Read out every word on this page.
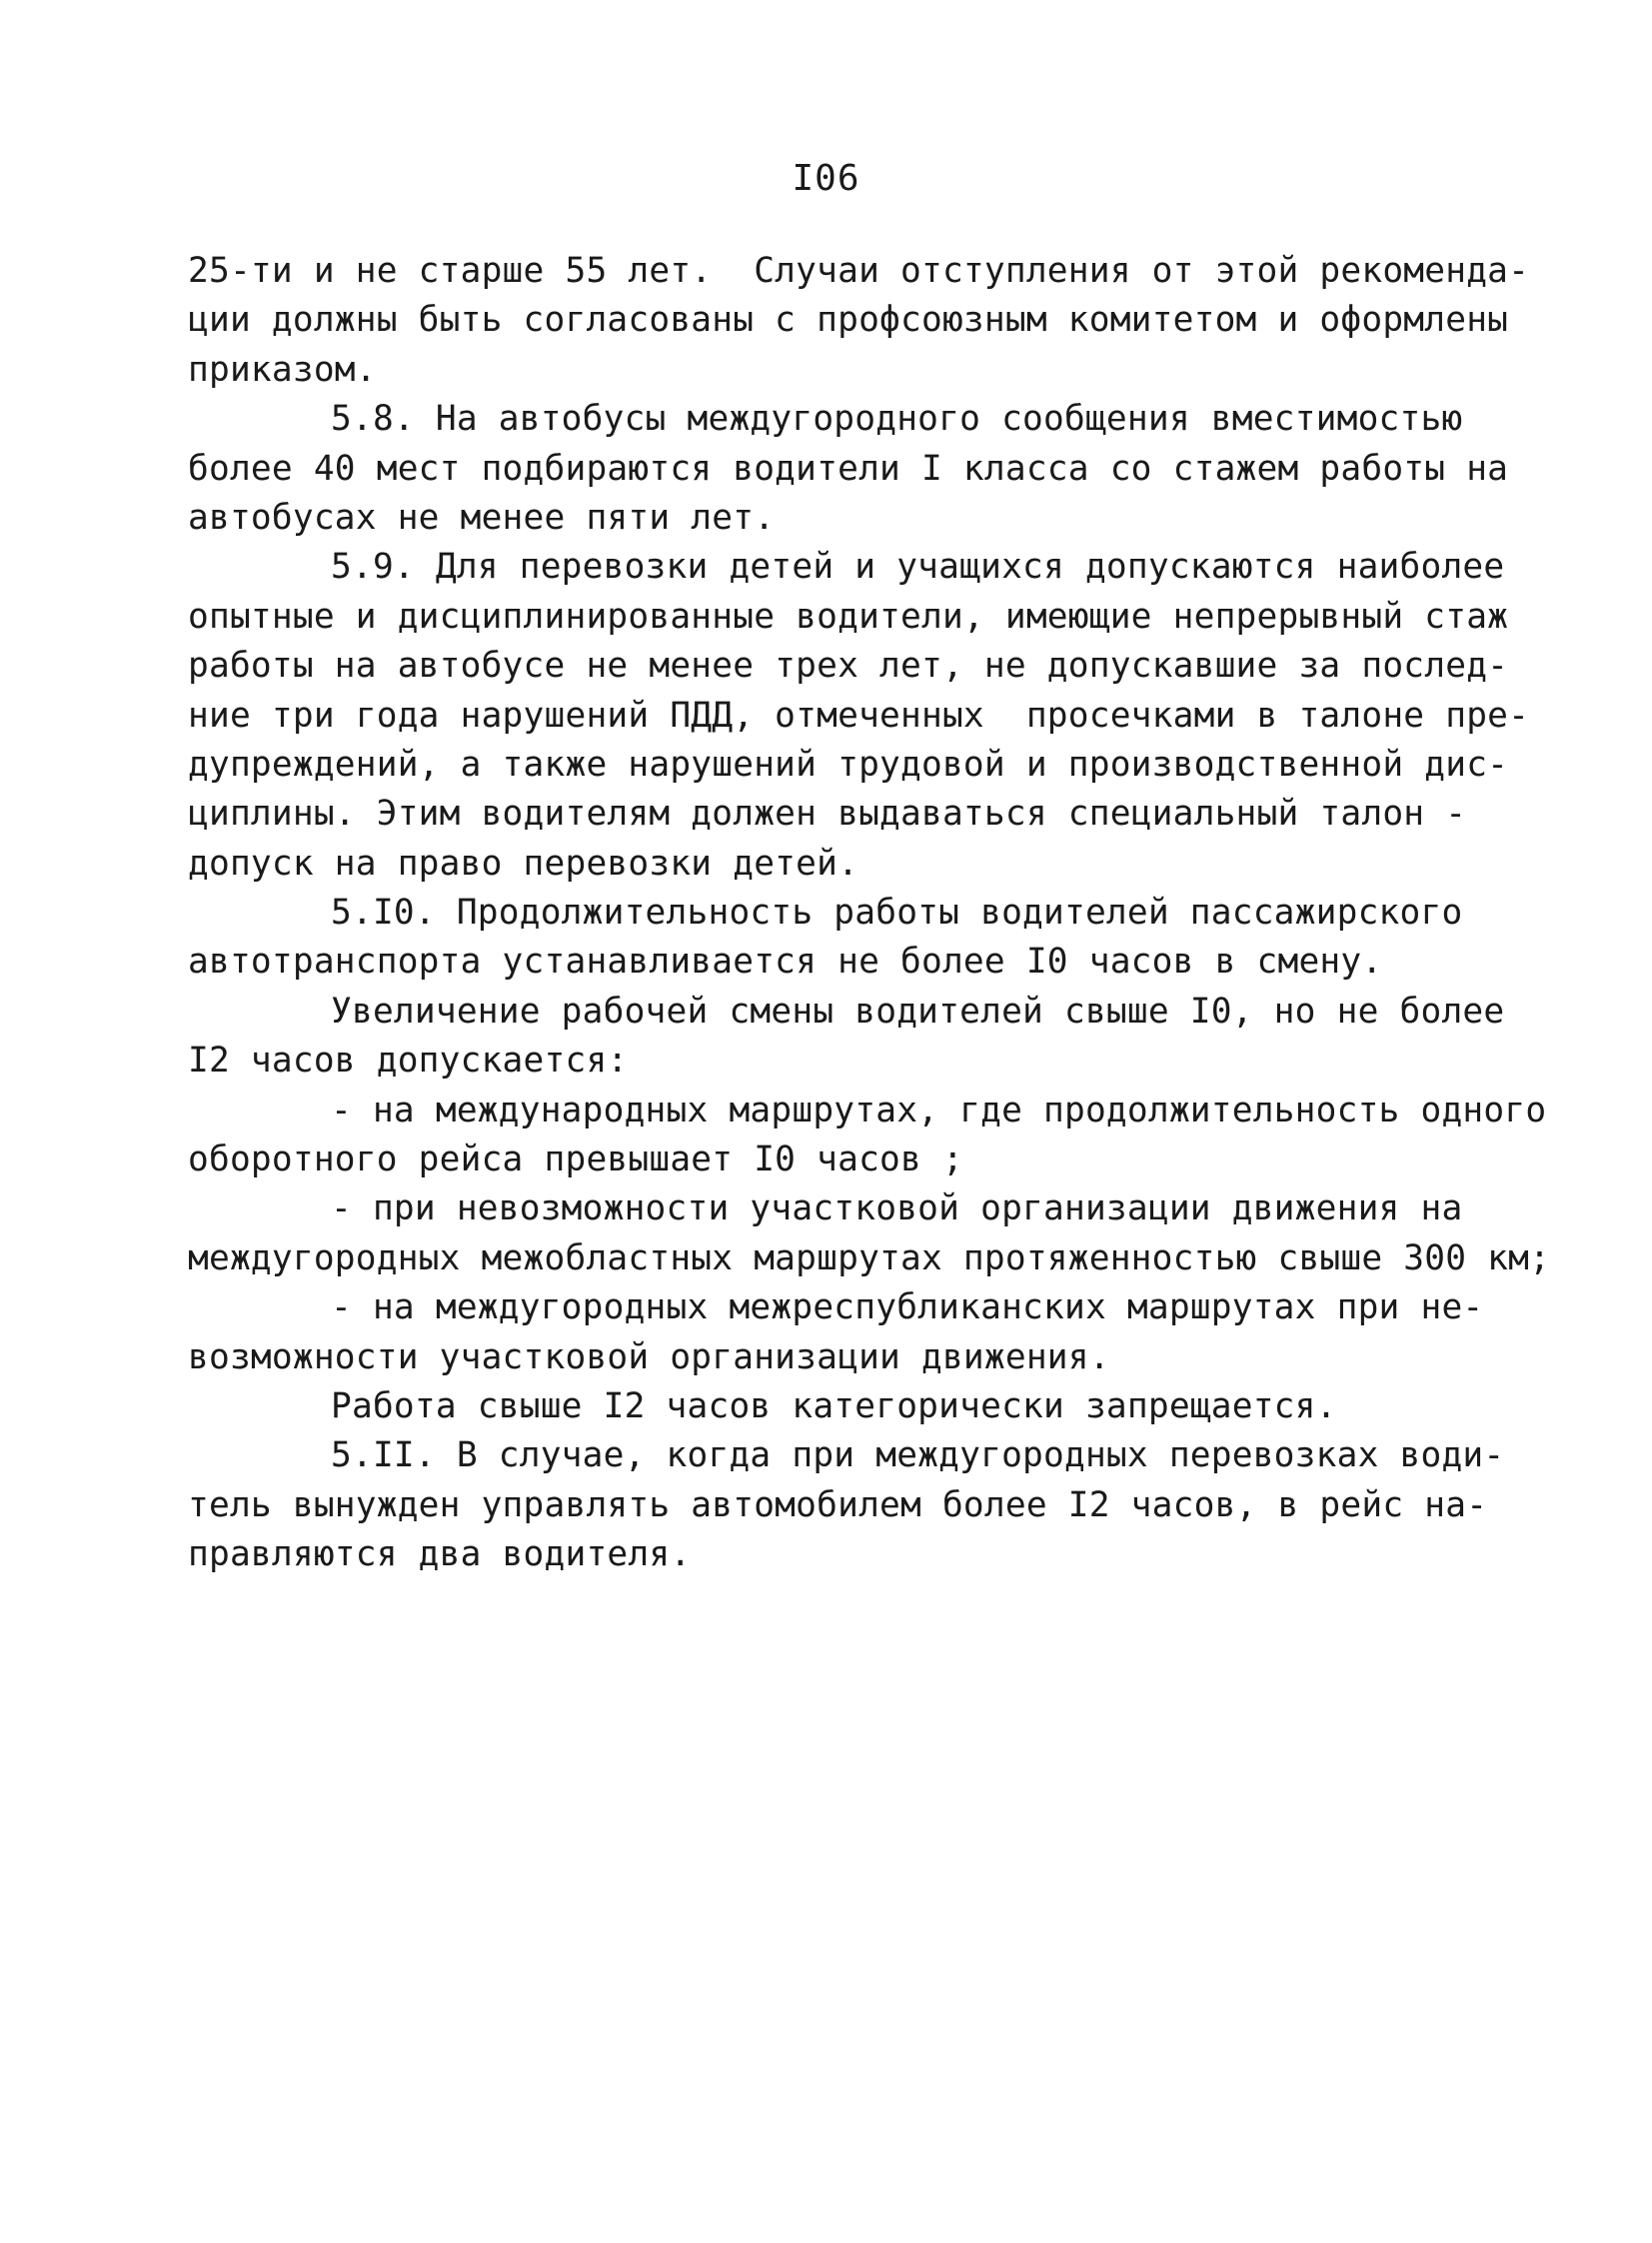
I06
25-ти и не старше 55 лет.  Случаи отступления от этой рекоменда-
ции должны быть согласованы с профсоюзным комитетом и оформлены
приказом.
5.8. На автобусы междугородного сообщения вместимостью
более 40 мест подбираются водители I класса со стажем работы на
автобусах не менее пяти лет.
5.9. Для перевозки детей и учащихся допускаются наиболее
опытные и дисциплинированные водители, имеющие непрерывный стаж
работы на автобусе не менее трех лет, не допускавшие за послед-
ние три года нарушений ПДД, отмеченных  просечками в талоне пре-
дупреждений, а также нарушений трудовой и производственной дис-
циплины. Этим водителям должен выдаваться специальный талон -
допуск на право перевозки детей.
5.I0. Продолжительность работы водителей пассажирского
автотранспорта устанавливается не более I0 часов в смену.
Увеличение рабочей смены водителей свыше I0, но не более
I2 часов допускается:
- на международных маршрутах, где продолжительность одного
оборотного рейса превышает I0 часов ;
- при невозможности участковой организации движения на
междугородных межобластных маршрутах протяженностью свыше 300 км;
- на междугородных межреспубликанских маршрутах при не-
возможности участковой организации движения.
Работа свыше I2 часов категорически запрещается.
5.II. В случае, когда при междугородных перевозках води-
тель вынужден управлять автомобилем более I2 часов, в рейс на-
правляются два водителя.
